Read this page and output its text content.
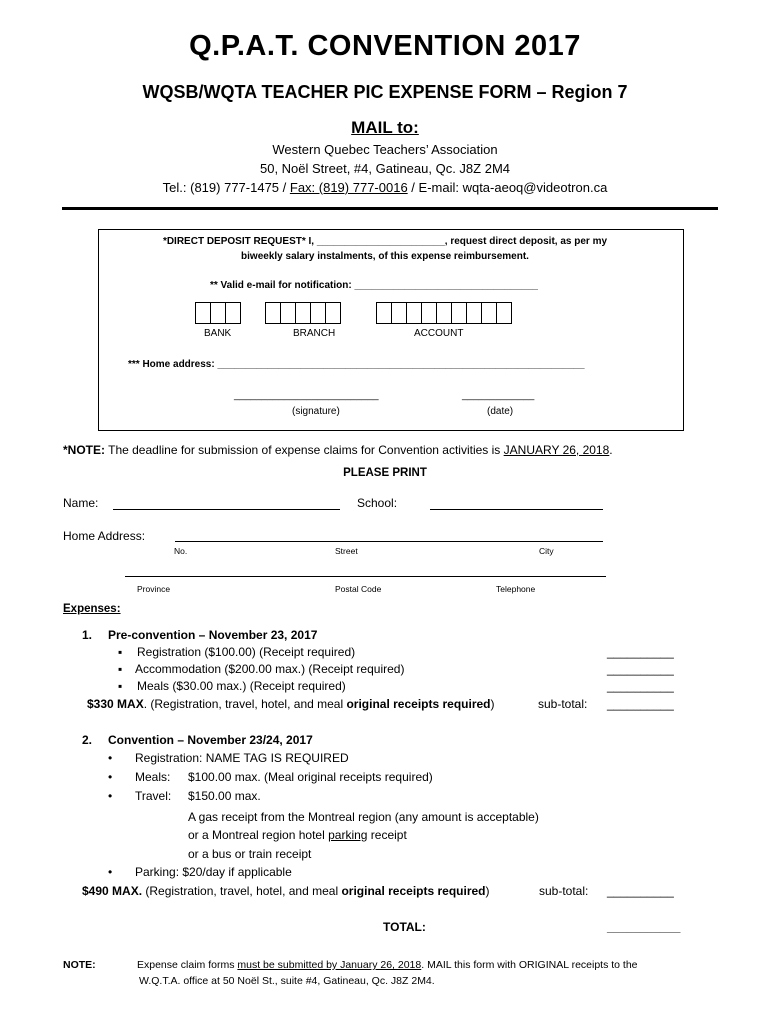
Q.P.A.T. CONVENTION 2017
WQSB/WQTA TEACHER PIC EXPENSE FORM – Region 7
MAIL to:
Western Quebec Teachers’ Association
50, Noël Street, #4, Gatineau, Qc. J8Z 2M4
Tel.: (819) 777-1475 / Fax: (819) 777-0016 / E-mail: wqta-aeoq@videotron.ca
*DIRECT DEPOSIT REQUEST* I, _______________________, request direct deposit, as per my
biweekly salary instalments, of this expense reimbursement.
** Valid e-mail for notification: _________________________________
BANK	BRANCH	ACCOUNT
*** Home address: __________________________________________________________________
__________________________	_____________
(signature)	(date)
*NOTE: The deadline for submission of expense claims for Convention activities is JANUARY 26, 2018.
PLEASE PRINT
Name:	School:
Home Address:
No.	Street	City
Province	Postal Code	Telephone
Expenses:
1. Pre-convention – November 23, 2017
▪ Registration ($100.00) (Receipt required)	__________
▪ Accommodation ($200.00 max.) (Receipt required)	__________
▪ Meals ($30.00 max.) (Receipt required)	__________
$330 MAX. (Registration, travel, hotel, and meal original receipts required)	sub-total: __________
2. Convention – November 23/24, 2017
• Registration: NAME TAG IS REQUIRED
• Meals: $100.00 max. (Meal original receipts required)
• Travel: $150.00 max.
A gas receipt from the Montreal region (any amount is acceptable)
or a Montreal region hotel parking receipt
or a bus or train receipt
• Parking: $20/day if applicable
$490 MAX. (Registration, travel, hotel, and meal original receipts required)	sub-total: __________
TOTAL:	___________
NOTE:	Expense claim forms must be submitted by January 26, 2018. MAIL this form with ORIGINAL receipts to the
W.Q.T.A. office at 50 Noël St., suite #4, Gatineau, Qc. J8Z 2M4.
